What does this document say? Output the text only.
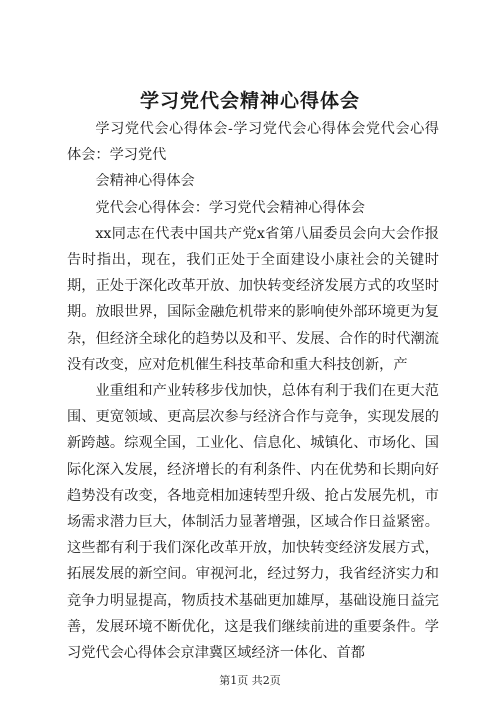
学习党代会精神心得体会

学习党代会心得体会-学习党代会心得体会党代会心得体会：学习党代

会精神心得体会

党代会心得体会：学习党代会精神心得体会

xx同志在代表中国共产党x省第八届委员会向大会作报告时指出，现在，我们正处于全面建设小康社会的关键时期，正处于深化改革开放、加快转变经济发展方式的攻坚时期。放眼世界，国际金融危机带来的影响使外部环境更为复杂，但经济全球化的趋势以及和平、发展、合作的时代潮流没有改变，应对危机催生科技革命和重大科技创新，产

业重组和产业转移步伐加快，总体有利于我们在更大范围、更宽领域、更高层次参与经济合作与竞争，实现发展的新跨越。综观全国，工业化、信息化、城镇化、市场化、国际化深入发展，经济增长的有利条件、内在优势和长期向好趋势没有改变，各地竞相加速转型升级、抢占发展先机，市场需求潜力巨大，体制活力显著增强，区域合作日益紧密。这些都有利于我们深化改革开放，加快转变经济发展方式，拓展发展的新空间。审视河北，经过努力，我省经济实力和竞争力明显提高，物质技术基础更加雄厚，基础设施日益完善，发展环境不断优化，这是我们继续前进的重要条件。学习党代会心得体会京津冀区域经济一体化、首都

第1页 共2页
